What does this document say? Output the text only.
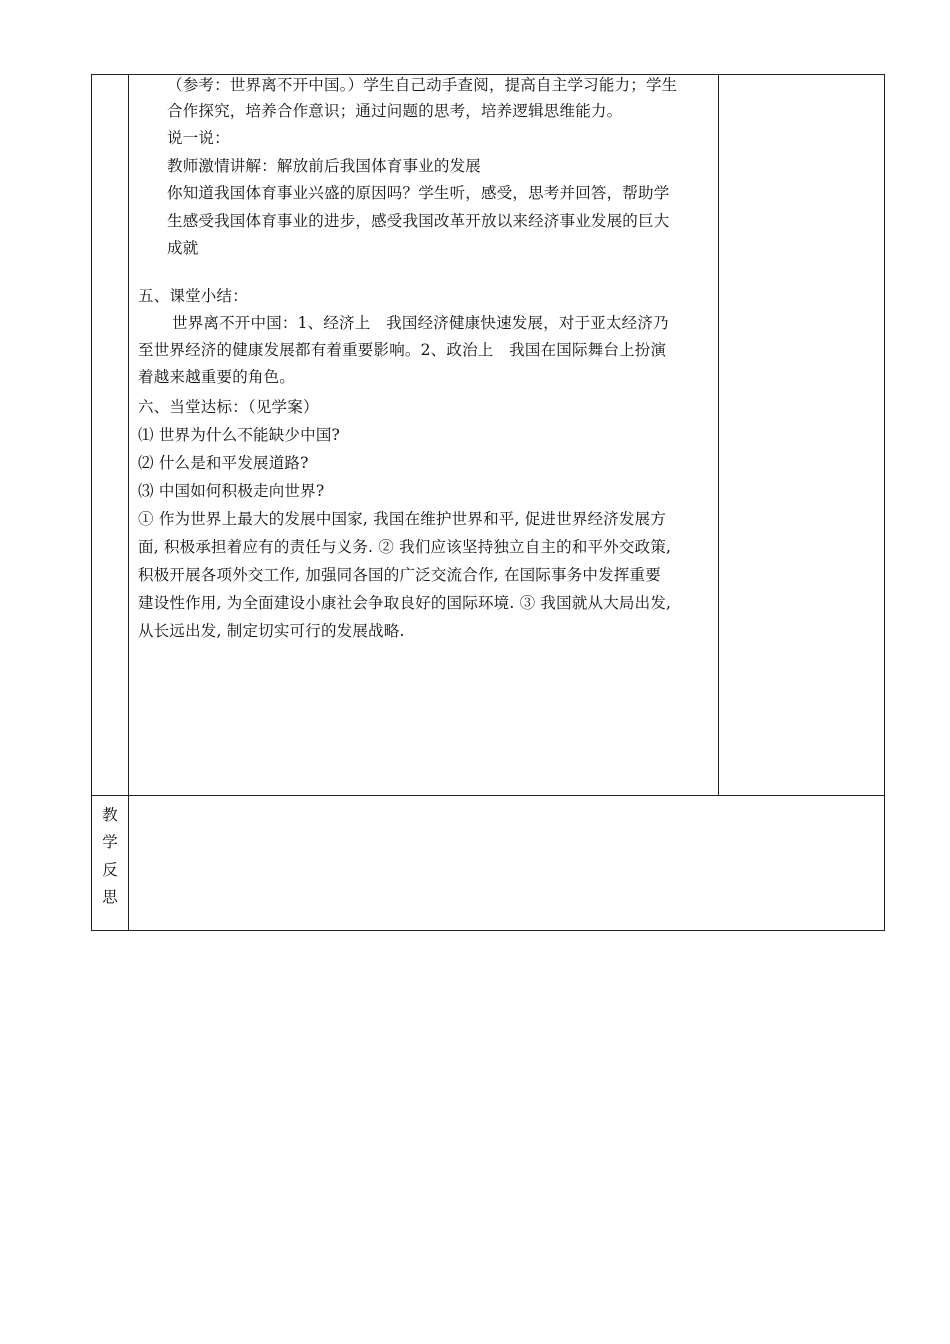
（参考：世界离不开中国。）学生自己动手查阅，提高自主学习能力；学生
合作探究，培养合作意识；通过问题的思考，培养逻辑思维能力。
说一说：
教师激情讲解：解放前后我国体育事业的发展
你知道我国体育事业兴盛的原因吗？学生听，感受，思考并回答，帮助学
生感受我国体育事业的进步，感受我国改革开放以来经济事业发展的巨大
成就
五、课堂小结：
世界离不开中国：1、经济上　我国经济健康快速发展，对于亚太经济乃
至世界经济的健康发展都有着重要影响。2、政治上　我国在国际舞台上扮演
着越来越重要的角色。
六、当堂达标：（见学案）
⑴ 世界为什么不能缺少中国?
⑵ 什么是和平发展道路?
⑶ 中国如何积极走向世界?
① 作为世界上最大的发展中国家, 我国在维护世界和平, 促进世界经济发展方
面, 积极承担着应有的责任与义务. ② 我们应该坚持独立自主的和平外交政策,
积极开展各项外交工作, 加强同各国的广泛交流合作, 在国际事务中发挥重要
建设性作用, 为全面建设小康社会争取良好的国际环境. ③ 我国就从大局出发,
从长远出发, 制定切实可行的发展战略.
教
学
反
思
